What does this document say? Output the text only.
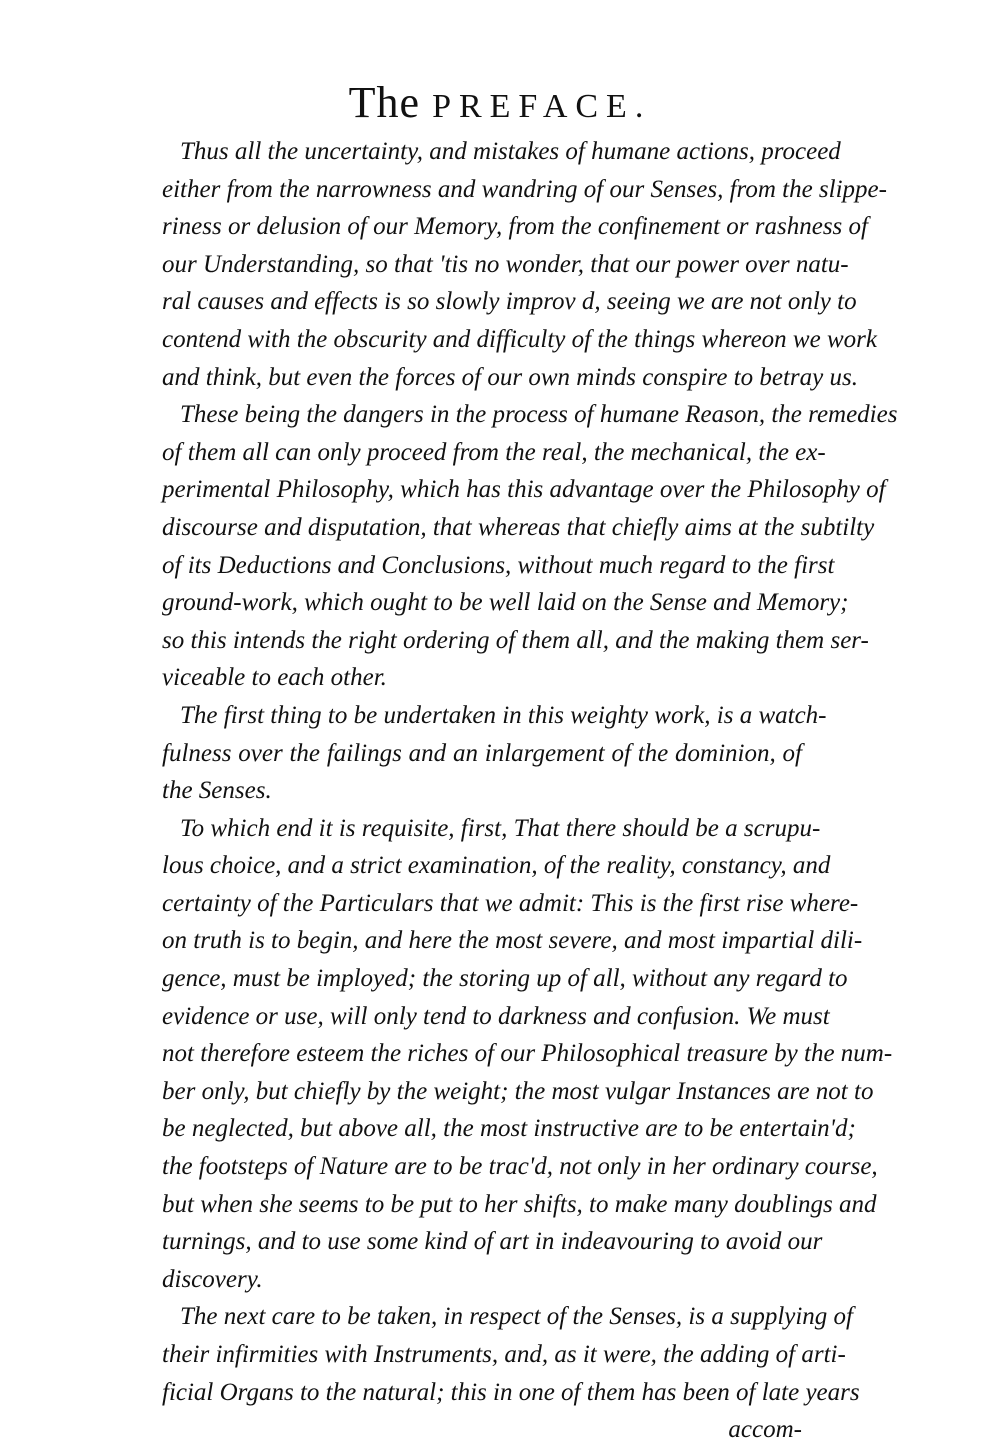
The PREFACE.
Thus all the uncertainty, and mistakes of humane actions, proceed
either from the narrowness and wandring of our Senses, from the slippe-
riness or delusion of our Memory, from the confinement or rashness of
our Understanding, so that 'tis no wonder, that our power over natu-
ral causes and effects is so slowly improv d, seeing we are not only to
contend with the obscurity and difficulty of the things whereon we work
and think, but even the forces of our own minds conspire to betray us.
These being the dangers in the process of humane Reason, the remedies
of them all can only proceed from the real, the mechanical, the ex-
perimental Philosophy, which has this advantage over the Philosophy of
discourse and disputation, that whereas that chiefly aims at the subtilty
of its Deductions and Conclusions, without much regard to the first
ground-work, which ought to be well laid on the Sense and Memory;
so this intends the right ordering of them all, and the making them ser-
viceable to each other.
The first thing to be undertaken in this weighty work, is a watch-
fulness over the failings and an inlargement of the dominion, of
the Senses.
To which end it is requisite, first, That there should be a scrupu-
lous choice, and a strict examination, of the reality, constancy, and
certainty of the Particulars that we admit: This is the first rise where-
on truth is to begin, and here the most severe, and most impartial dili-
gence, must be imployed; the storing up of all, without any regard to
evidence or use, will only tend to darkness and confusion. We must
not therefore esteem the riches of our Philosophical treasure by the num-
ber only, but chiefly by the weight; the most vulgar Instances are not to
be neglected, but above all, the most instructive are to be entertain'd;
the footsteps of Nature are to be trac'd, not only in her ordinary course,
but when she seems to be put to her shifts, to make many doublings and
turnings, and to use some kind of art in indeavouring to avoid our
discovery.
The next care to be taken, in respect of the Senses, is a supplying of
their infirmities with Instruments, and, as it were, the adding of arti-
ficial Organs to the natural; this in one of them has been of late years
accom-
